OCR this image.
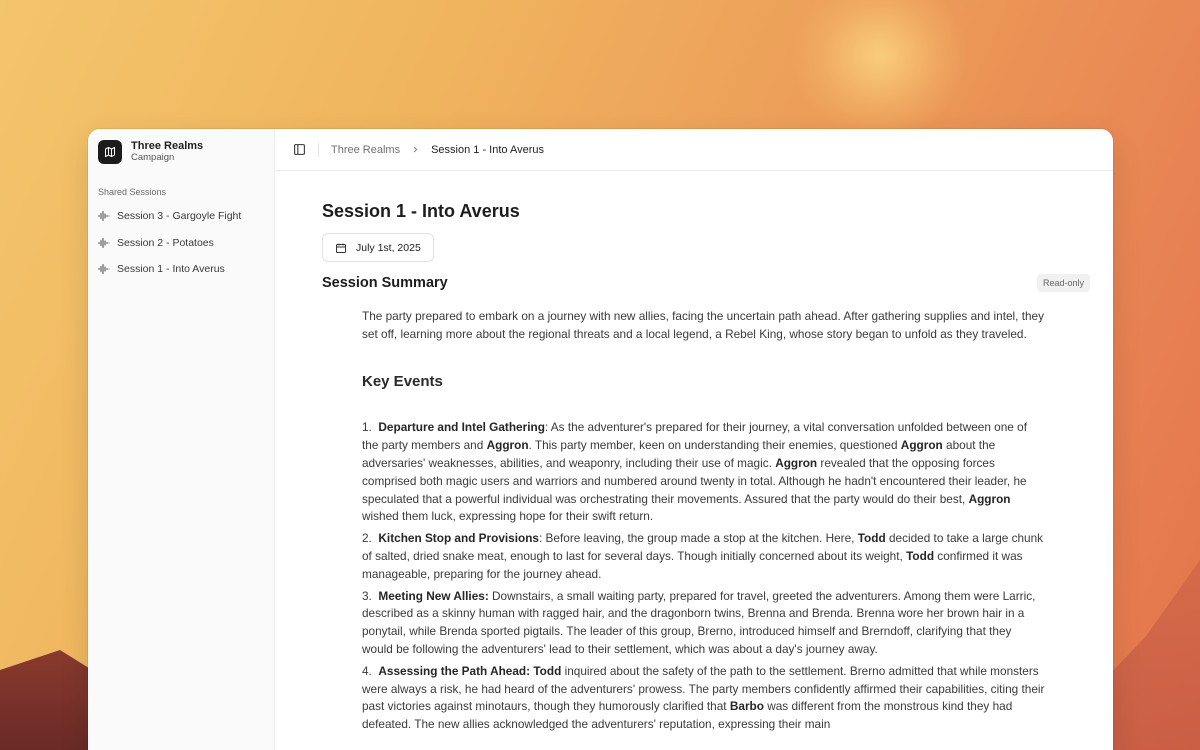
Three Realms
Campaign
Shared Sessions
Session 3 - Gargoyle Fight
Session 2 - Potatoes
Session 1 - Into Averus
Three Realms	Session 1 - Into Averus
Session 1 - Into Averus
July 1st, 2025
Session Summary	Read-only

The party prepared to embark on a journey with new allies, facing the uncertain path ahead. After gathering supplies and intel, they set off, learning more about the regional threats and a local legend, a Rebel King, whose story began to unfold as they traveled.

Key Events

1. Departure and Intel Gathering: As the adventurer's prepared for their journey, a vital conversation unfolded between one of the party members and Aggron. This party member, keen on understanding their enemies, questioned Aggron about the adversaries' weaknesses, abilities, and weaponry, including their use of magic. Aggron revealed that the opposing forces comprised both magic users and warriors and numbered around twenty in total. Although he hadn't encountered their leader, he speculated that a powerful individual was orchestrating their movements. Assured that the party would do their best, Aggron wished them luck, expressing hope for their swift return.

2. Kitchen Stop and Provisions: Before leaving, the group made a stop at the kitchen. Here, Todd decided to take a large chunk of salted, dried snake meat, enough to last for several days. Though initially concerned about its weight, Todd confirmed it was manageable, preparing for the journey ahead.

3. Meeting New Allies: Downstairs, a small waiting party, prepared for travel, greeted the adventurers. Among them were Larric, described as a skinny human with ragged hair, and the dragonborn twins, Brenna and Brenda. Brenna wore her brown hair in a ponytail, while Brenda sported pigtails. The leader of this group, Brerno, introduced himself and Brerndoff, clarifying that they would be following the adventurers' lead to their settlement, which was about a day's journey away.

4. Assessing the Path Ahead: Todd inquired about the safety of the path to the settlement. Brerno admitted that while monsters were always a risk, he had heard of the adventurers' prowess. The party members confidently affirmed their capabilities, citing their past victories against minotaurs, though they humorously clarified that Barbo was different from the monstrous kind they had defeated. The new allies acknowledged the adventurers' reputation, expressing their main
